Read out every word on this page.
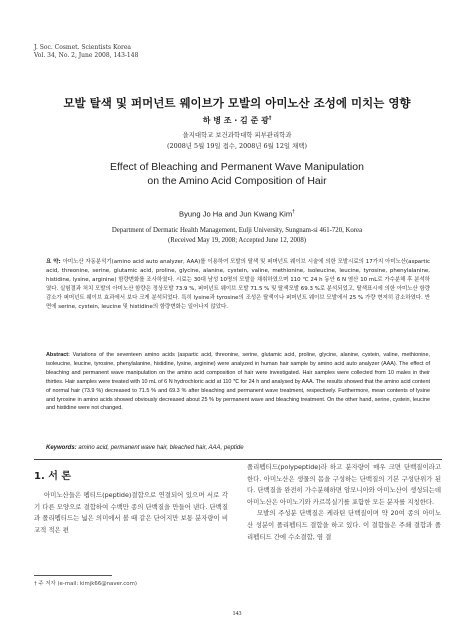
J. Soc. Cosmet. Scientists Korea
Vol. 34, No. 2, June 2008, 143-148
모발 탈색 및 퍼머넌트 웨이브가 모발의 아미노산 조성에 미치는 영향
하 병 조 · 김 준 광†
을지대학교 보건과학대학 피부관리학과
(2008년 5월 19일 접수, 2008년 6월 12일 채택)
Effect of Bleaching and Permanent Wave Manipulation
on the Amino Acid Composition of Hair
Byung Jo Ha and Jun Kwang Kim†
Department of Dermatic Health Management, Eulji University, Sungnam-si 461-720, Korea
(Received May 19, 2008; Accepted June 12, 2008)
요 약: 아미노산 자동분석기(amino acid auto analyzer, AAA)를 이용하여 모발의 탈색 및 퍼머넌트 웨이브 시술에 의한 모발시료의 17가지 아미노산(aspartic acid, threonine, serine, glutamic acid, proline, glycine, alanine, cystein, valine, methionine, isoleucine, leucine, tyrosine, phenylalanine, histidine, lysine, arginine) 함량변화를 조사하였다. 시료는 30대 남성 10명의 모발을 채취하였으며 110 ℃ 24 h 동안 6 N 염산 10 mL로 가수분해 후 분석하였다. 실험결과 처치 모발의 아미노산 함량은 정상모발 73.9 %, 퍼머넌트 웨이브 모발 71.5 % 및 탈색모발 69.3 %로 분석되었고, 탈색표시에 의한 아미노산 함량 감소가 퍼머넌트 웨이브 효과에서 보다 크게 분석되었다. 특히 lysine과 tyrosine의 조성은 탈색이나 퍼머넌트 웨이브 모발에서 25 % 가량 현저히 감소하였다. 반면에 serine, cystein, leucine 및 histidine의 함량변화는 일어나지 않았다.
Abstract: Variations of the seventeen amino acids (aspartic acid, threonine, serine, glutamic acid, proline, glycine, alanine, cystein, valine, methionine, isoleucine, leucine, tyrosine, phenylalanine, histidine, lysine, arginine) were analyzed in human hair sample by amino acid auto analyzer (AAA). The effect of bleaching and permanent wave manipulation on the amino acid composition of hair were investigated. Hair samples were collected from 10 males in their thirties. Hair samples were treated with 10 mL of 6 N hydrochloric acid at 110 ℃ for 24 h and analysed by AAA. The results showed that the amino acid content of normal hair (73.9 %) decreased to 71.5 % and 69.3 % after bleaching and permanent wave treatment, respectively. Furthermore, mean contents of lysine and tyrosine in amino acids showed obviously decreased about 25 % by permanent wave and bleaching treatment. On the other hand, serine, cystein, leucine and histidine were not changed.
Keywords: amino acid, permanent wave hair, bleached hair, AAA, peptide
1. 서 론

아미노산들은 펩티드(peptide)결합으로 연결되어 있으며 서로 각기 다른 모양으로 결합하여 수백만 종의 단백질을 만들어 낸다. 단백질과 폴리펩티드는 넓은 의미에서 볼 때 같은 단어지만 보통 분자량이 비교적 적은 편

폴리펩티드(polypeptide)라 하고 분자량이 매우 크면 단백질이라고 한다. 아미노산은 생물의 몸을 구성하는 단백질의 기본 구성단위가 된다. 단백질을 완전히 가수분해하면 암모니아와 아미노산이 생성되는데 아미노산은 아미노기와 카르복실기를 포함한 모든 분자를 지칭한다.

모발의 주성분 단백질은 케라틴 단백질이며 약 20여 종의 아미노산 성분이 폴리펩티드 결합을 하고 있다. 이 결합들은 주쇄 결합과 폴리펩티드 간에 수소결합, 염 결

† 주 저자 (e-mail: kimjk66@naver.com)
143
